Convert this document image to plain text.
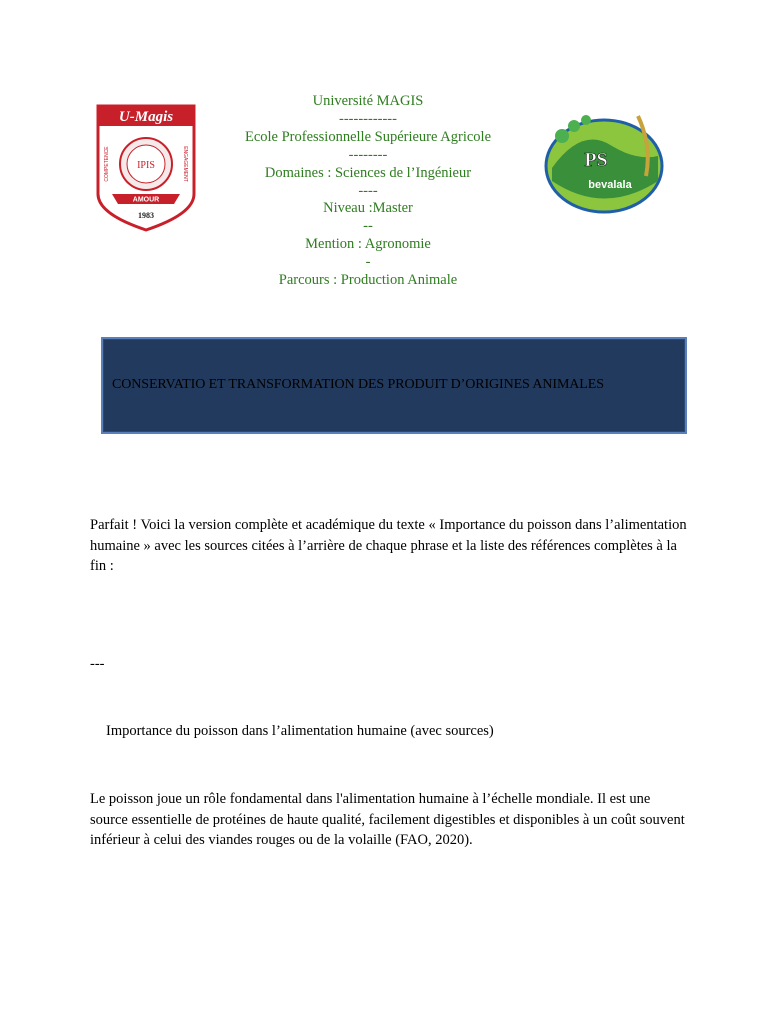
U-Magis
IPIS
COMPETENCE	ENGAGEMENT
AMOUR
1983
PS
bevalala
Université MAGIS
------------
Ecole Professionnelle Supérieure Agricole
--------
Domaines : Sciences de l’Ingénieur
----
Niveau :Master
--
Mention : Agronomie
-
Parcours : Production Animale
CONSERVATIO ET TRANSFORMATION DES PRODUIT D’ORIGINES ANIMALES
Parfait ! Voici la version complète et académique du texte « Importance du poisson dans l’alimentation humaine » avec les sources citées à l’arrière de chaque phrase et la liste des références complètes à la fin :
---
Importance du poisson dans l’alimentation humaine (avec sources)
Le poisson joue un rôle fondamental dans l'alimentation humaine à l’échelle mondiale. Il est une source essentielle de protéines de haute qualité, facilement digestibles et disponibles à un coût souvent inférieur à celui des viandes rouges ou de la volaille (FAO, 2020).
